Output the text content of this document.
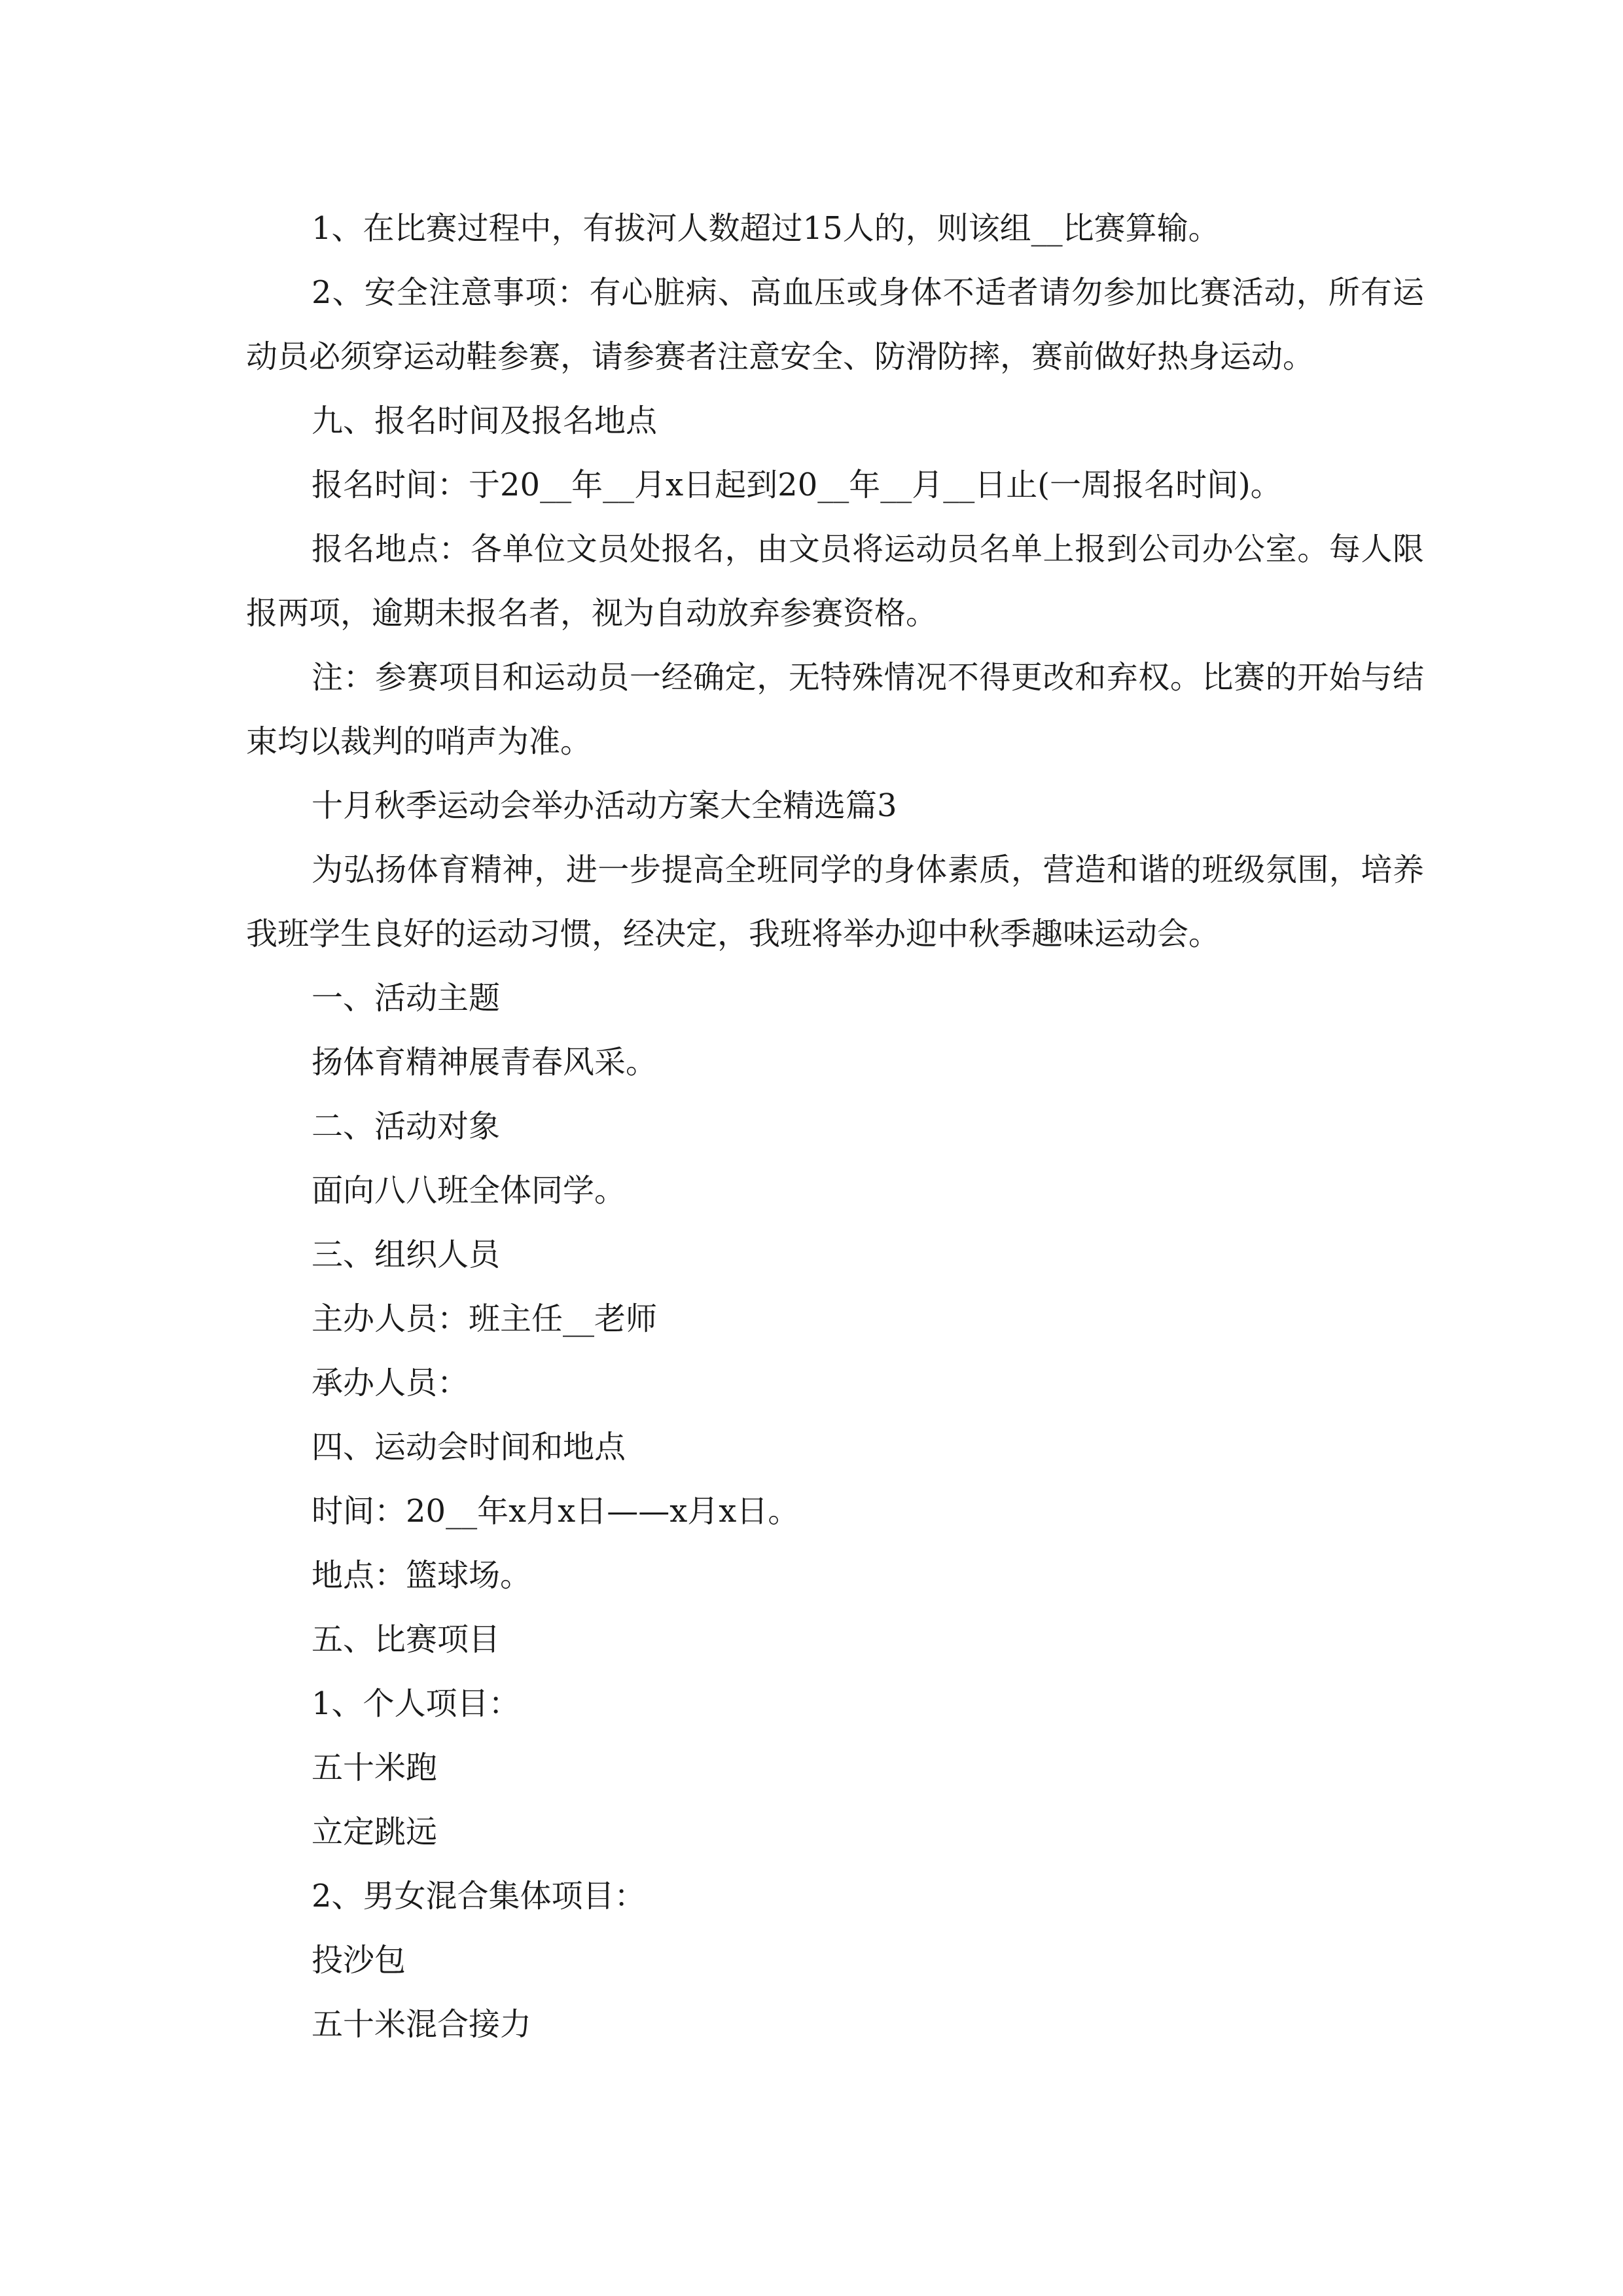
1、在比赛过程中，有拔河人数超过15人的，则该组__比赛算输。

2、安全注意事项：有心脏病、高血压或身体不适者请勿参加比赛活动，所有运动员必须穿运动鞋参赛，请参赛者注意安全、防滑防摔，赛前做好热身运动。

九、报名时间及报名地点

报名时间：于20__年__月x日起到20__年__月__日止(一周报名时间)。

报名地点：各单位文员处报名，由文员将运动员名单上报到公司办公室。每人限报两项，逾期未报名者，视为自动放弃参赛资格。

注：参赛项目和运动员一经确定，无特殊情况不得更改和弃权。比赛的开始与结束均以裁判的哨声为准。

十月秋季运动会举办活动方案大全精选篇3

为弘扬体育精神，进一步提高全班同学的身体素质，营造和谐的班级氛围，培养我班学生良好的运动习惯，经决定，我班将举办迎中秋季趣味运动会。

一、活动主题

扬体育精神展青春风采。

二、活动对象

面向八八班全体同学。

三、组织人员

主办人员：班主任__老师

承办人员：

四、运动会时间和地点

时间：20__年x月x日——x月x日。

地点：篮球场。

五、比赛项目

1、个人项目：

五十米跑

立定跳远

2、男女混合集体项目：

投沙包

五十米混合接力
